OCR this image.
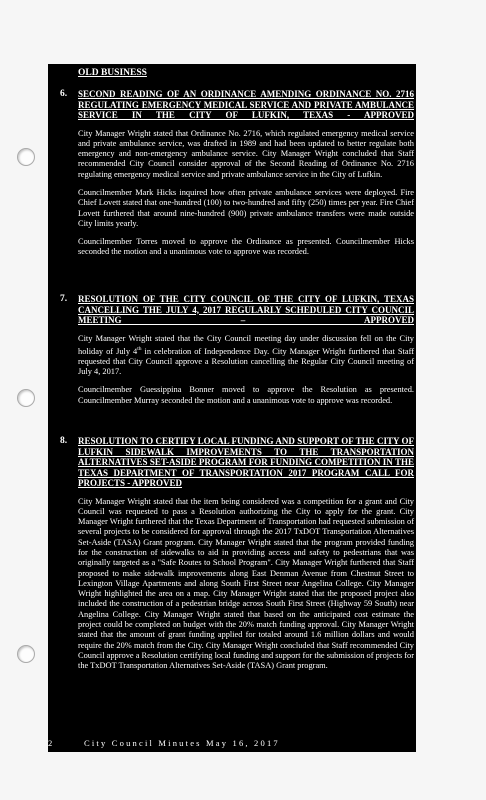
OLD BUSINESS
6. SECOND READING OF AN ORDINANCE AMENDING ORDINANCE NO. 2716 REGULATING EMERGENCY MEDICAL SERVICE AND PRIVATE AMBULANCE SERVICE IN THE CITY OF LUFKIN, TEXAS - APPROVED
City Manager Wright stated that Ordinance No. 2716, which regulated emergency medical service and private ambulance service, was drafted in 1989 and had been updated to better regulate both emergency and non-emergency ambulance service. City Manager Wright concluded that Staff recommended City Council consider approval of the Second Reading of Ordinance No. 2716 regulating emergency medical service and private ambulance service in the City of Lufkin.
Councilmember Mark Hicks inquired how often private ambulance services were deployed. Fire Chief Lovett stated that one-hundred (100) to two-hundred and fifty (250) times per year. Fire Chief Lovett furthered that around nine-hundred (900) private ambulance transfers were made outside City limits yearly.
Councilmember Torres moved to approve the Ordinance as presented. Councilmember Hicks seconded the motion and a unanimous vote to approve was recorded.
7. RESOLUTION OF THE CITY COUNCIL OF THE CITY OF LUFKIN, TEXAS CANCELLING THE JULY 4, 2017 REGULARLY SCHEDULED CITY COUNCIL MEETING – APPROVED
City Manager Wright stated that the City Council meeting day under discussion fell on the City holiday of July 4th in celebration of Independence Day. City Manager Wright furthered that Staff requested that City Council approve a Resolution cancelling the Regular City Council meeting of July 4, 2017.
Councilmember Guessippina Bonner moved to approve the Resolution as presented. Councilmember Murray seconded the motion and a unanimous vote to approve was recorded.
8. RESOLUTION TO CERTIFY LOCAL FUNDING AND SUPPORT OF THE CITY OF LUFKIN SIDEWALK IMPROVEMENTS TO THE TRANSPORTATION ALTERNATIVES SET-ASIDE PROGRAM FOR FUNDING COMPETITION IN THE TEXAS DEPARTMENT OF TRANSPORTATION 2017 PROGRAM CALL FOR PROJECTS - APPROVED
City Manager Wright stated that the item being considered was a competition for a grant and City Council was requested to pass a Resolution authorizing the City to apply for the grant. City Manager Wright furthered that the Texas Department of Transportation had requested submission of several projects to be considered for approval through the 2017 TxDOT Transportation Alternatives Set-Aside (TASA) Grant program. City Manager Wright stated that the program provided funding for the construction of sidewalks to aid in providing access and safety to pedestrians that was originally targeted as a "Safe Routes to School Program". City Manager Wright furthered that Staff proposed to make sidewalk improvements along East Denman Avenue from Chestnut Street to Lexington Village Apartments and along South First Street near Angelina College. City Manager Wright highlighted the area on a map. City Manager Wright stated that the proposed project also included the construction of a pedestrian bridge across South First Street (Highway 59 South) near Angelina College. City Manager Wright stated that based on the anticipated cost estimate the project could be completed on budget with the 20% match funding approval. City Manager Wright stated that the amount of grant funding applied for totaled around 1.6 million dollars and would require the 20% match from the City. City Manager Wright concluded that Staff recommended City Council approve a Resolution certifying local funding and support for the submission of projects for the TxDOT Transportation Alternatives Set-Aside (TASA) Grant program.
2	City Council Minutes May 16, 2017
